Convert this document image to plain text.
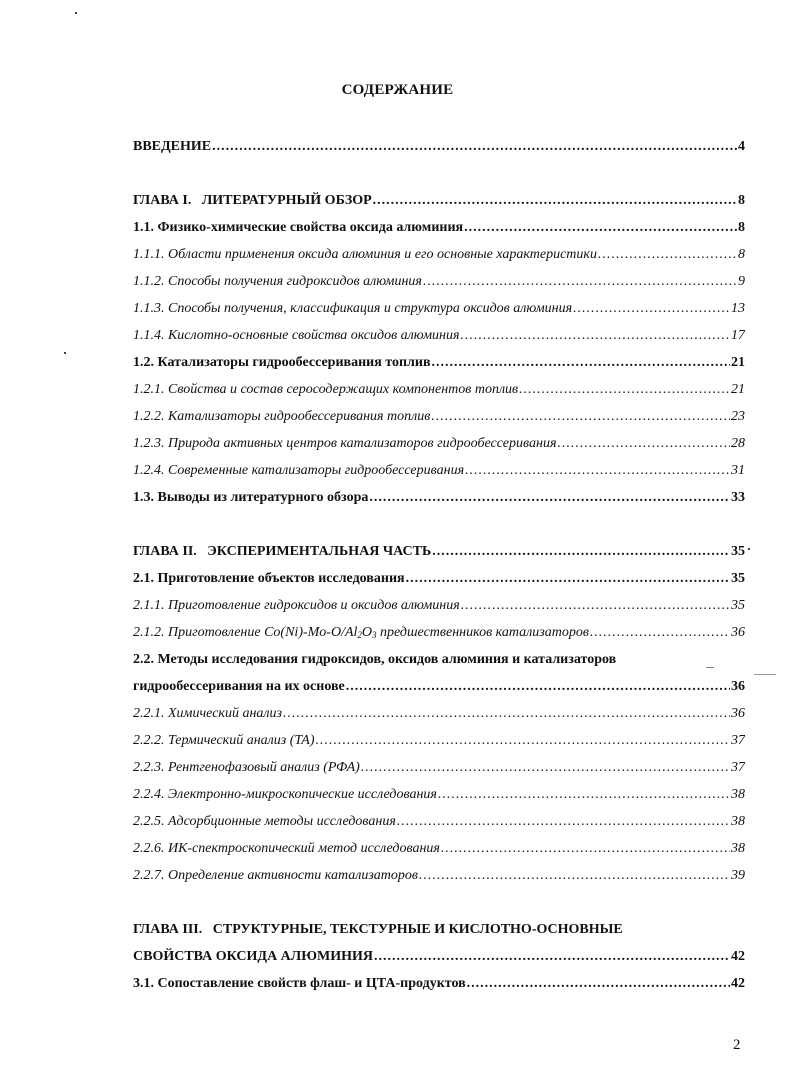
СОДЕРЖАНИЕ
ВВЕДЕНИЕ .....	4
ГЛАВА I.   ЛИТЕРАТУРНЫЙ ОБЗОР .....	8
1.1. Физико-химические свойства оксида алюминия .....	8
1.1.1. Области применения оксида алюминия и его основные характеристики .....	8
1.1.2. Способы получения гидроксидов алюминия .....	9
1.1.3. Способы получения, классификация и структура оксидов алюминия .....	13
1.1.4. Кислотно-основные свойства оксидов алюминия .....	17
1.2. Катализаторы гидрообессеривания топлив .....	21
1.2.1. Свойства и состав серосодержащих компонентов топлив .....	21
1.2.2. Катализаторы гидрообессеривания топлив .....	23
1.2.3. Природа активных центров катализаторов гидрообессеривания .....	28
1.2.4. Современные катализаторы гидрообессеривания .....	31
1.3. Выводы из литературного обзора .....	33
ГЛАВА II.   ЭКСПЕРИМЕНТАЛЬНАЯ ЧАСТЬ .....	35
2.1. Приготовление объектов исследования .....	35
2.1.1. Приготовление гидроксидов и оксидов алюминия .....	35
2.1.2. Приготовление $Co(Ni)-Mo-O/Al_2O_3$ предшественников катализаторов .....	36
2.2. Методы исследования гидроксидов, оксидов алюминия и катализаторов
гидрообессеривания на их основе .....	36
2.2.1. Химический анализ .....	36
2.2.2. Термический анализ (ТА) .....	37
2.2.3. Рентгенофазовый анализ (РФА) .....	37
2.2.4. Электронно-микроскопические исследования .....	38
2.2.5. Адсорбционные методы исследования .....	38
2.2.6. ИК-спектроскопический метод исследования .....	38
2.2.7. Определение активности катализаторов .....	39
ГЛАВА III.   СТРУКТУРНЫЕ, ТЕКСТУРНЫЕ И КИСЛОТНО-ОСНОВНЫЕ
СВОЙСТВА ОКСИДА АЛЮМИНИЯ .....	42
3.1. Сопоставление свойств флаш- и ЦТА-продуктов .....	42
2
